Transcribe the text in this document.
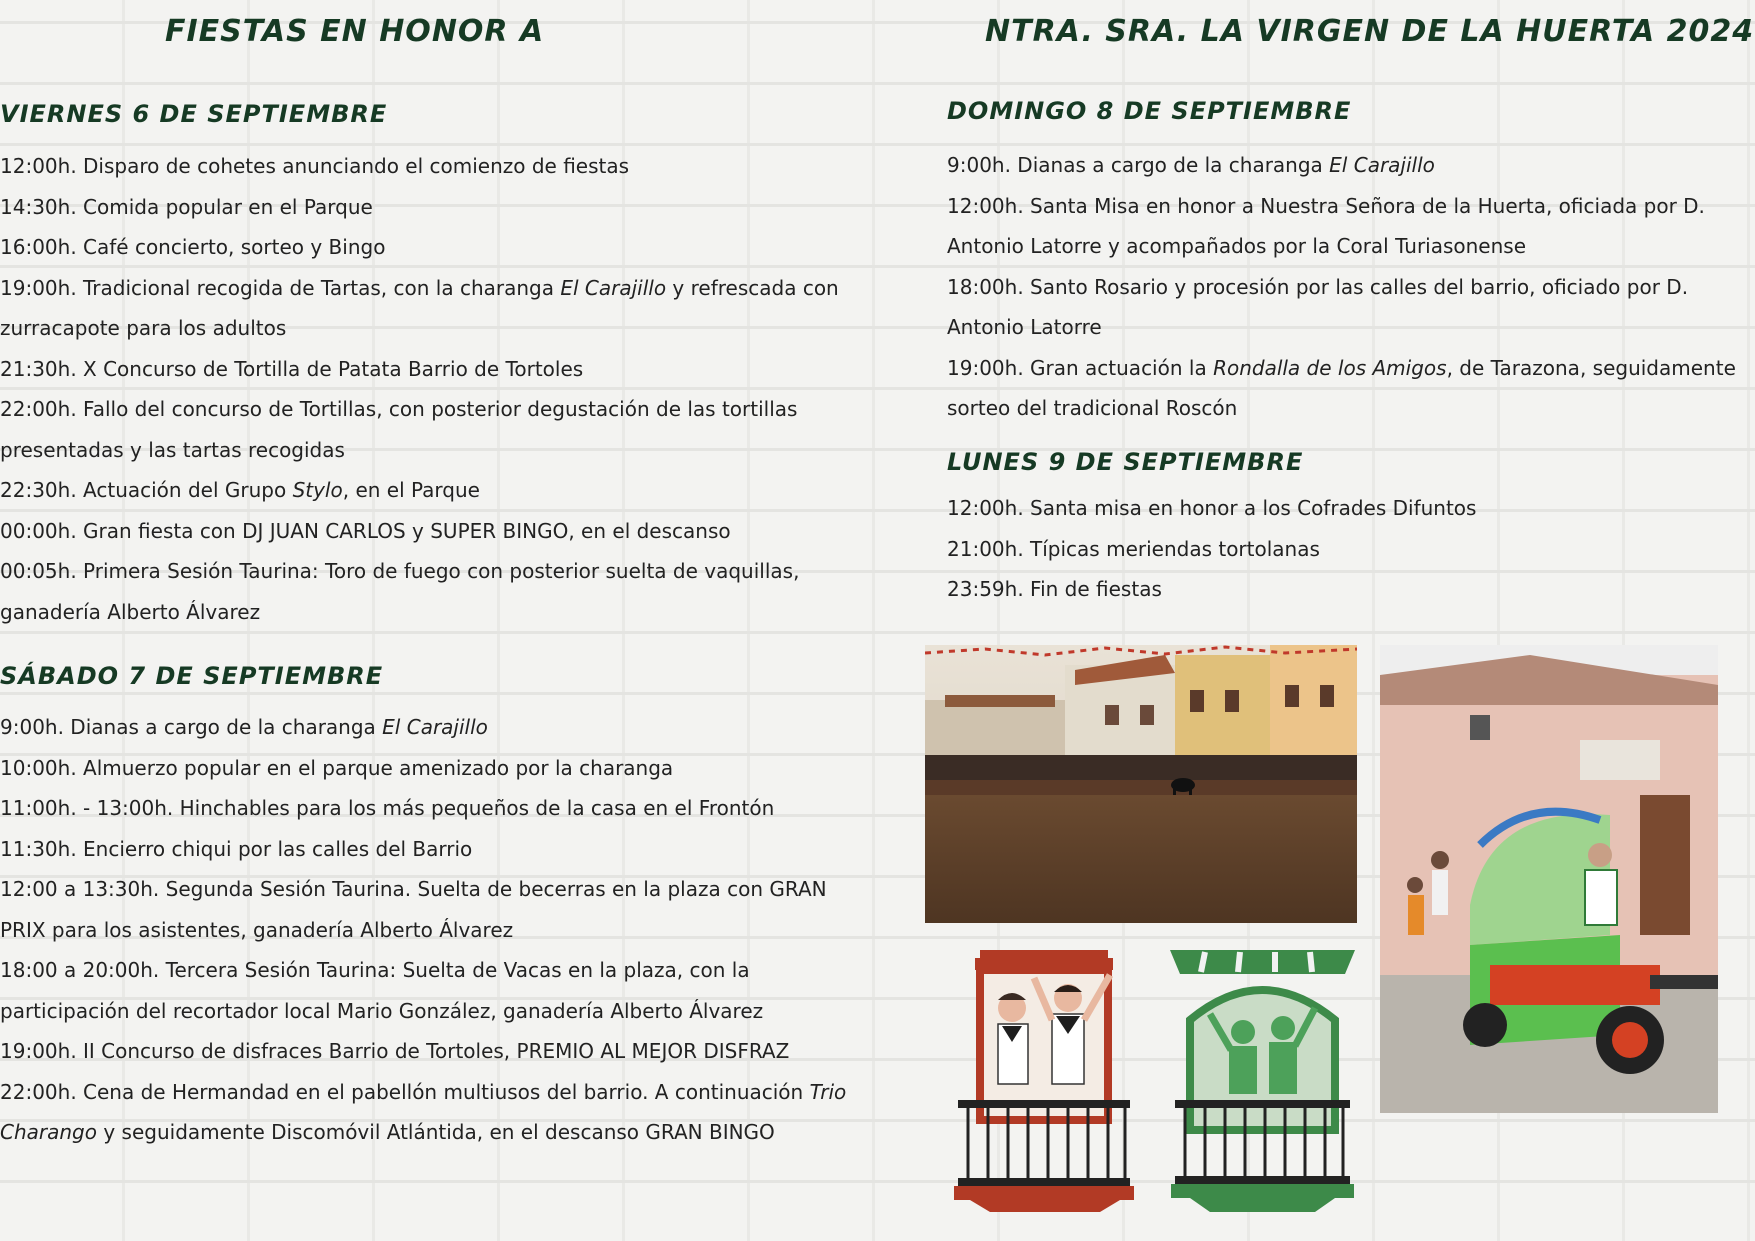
FIESTAS EN HONOR A	NTRA. SRA. LA VIRGEN DE LA HUERTA 2024
VIERNES 6 DE SEPTIEMBRE
SÁBADO 7 DE SEPTIEMBRE
DOMINGO 8 DE SEPTIEMBRE
LUNES 9 DE SEPTIEMBRE
12:00h. Disparo de cohetes anunciando el comienzo de fiestas
14:30h. Comida popular en el Parque
16:00h. Café concierto, sorteo y Bingo
19:00h. Tradicional recogida de Tartas, con la charanga El Carajillo y refrescada con
zurracapote para los adultos
21:30h. X Concurso de Tortilla de Patata Barrio de Tortoles
22:00h. Fallo del concurso de Tortillas, con posterior degustación de las tortillas
presentadas y las tartas recogidas
22:30h. Actuación del Grupo Stylo, en el Parque
00:00h. Gran fiesta con DJ JUAN CARLOS y SUPER BINGO, en el descanso
00:05h. Primera Sesión Taurina: Toro de fuego con posterior suelta de vaquillas,
ganadería Alberto Álvarez
9:00h. Dianas a cargo de la charanga El Carajillo
10:00h. Almuerzo popular en el parque amenizado por la charanga
11:00h. - 13:00h. Hinchables para los más pequeños de la casa en el Frontón
11:30h. Encierro chiqui por las calles del Barrio
12:00 a 13:30h. Segunda Sesión Taurina. Suelta de becerras en la plaza con GRAN
PRIX para los asistentes, ganadería Alberto Álvarez
18:00 a 20:00h. Tercera Sesión Taurina: Suelta de Vacas en la plaza, con la
participación del recortador local Mario González, ganadería Alberto Álvarez
19:00h. II Concurso de disfraces Barrio de Tortoles, PREMIO AL MEJOR DISFRAZ
22:00h. Cena de Hermandad en el pabellón multiusos del barrio. A continuación Trio
Charango y seguidamente Discomóvil Atlántida, en el descanso GRAN BINGO
9:00h. Dianas a cargo de la charanga El Carajillo
12:00h. Santa Misa en honor a Nuestra Señora de la Huerta, oficiada por D.
Antonio Latorre y acompañados por la Coral Turiasonense
18:00h. Santo Rosario y procesión por las calles del barrio, oficiado por D.
Antonio Latorre
19:00h. Gran actuación la Rondalla de los Amigos, de Tarazona, seguidamente
sorteo del tradicional Roscón
12:00h. Santa misa en honor a los Cofrades Difuntos
21:00h. Típicas meriendas tortolanas
23:59h. Fin de fiestas
